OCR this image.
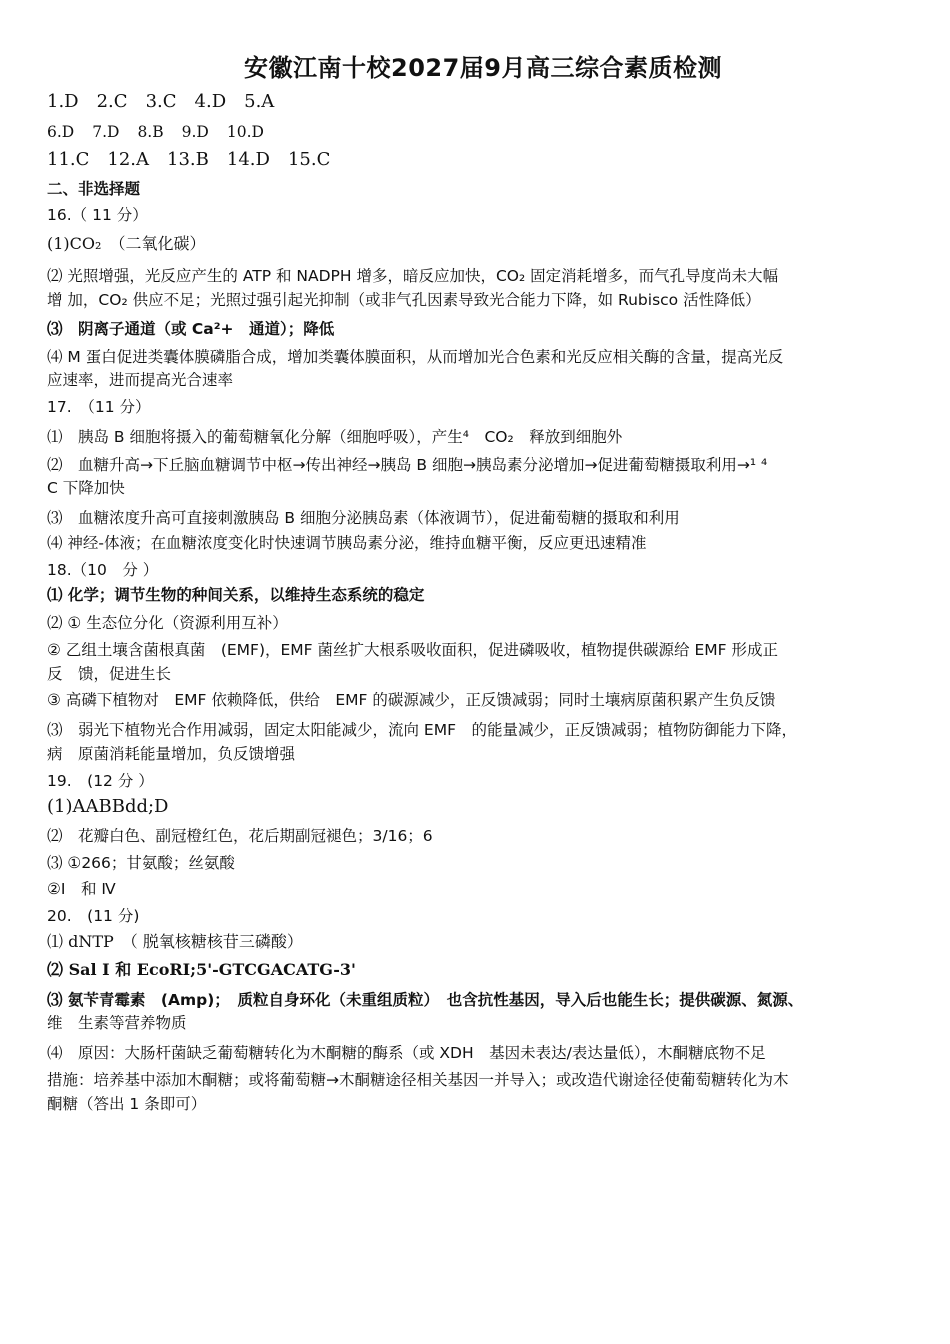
安徽江南十校2027届9月高三综合素质检测
1.D 2.C 3.C 4.D 5.A
6.D 7.D 8.B 9.D 10.D
11.C 12.A 13.B 14.D 15.C
二、非选择题
16.（ 11 分）
(1)CO₂　（二氧化碳）
⑵ 光照增强，光反应产生的 ATP 和 NADPH 增多，暗反应加快，CO₂ 固定消耗增多，而气孔导度尚未大幅
增 加，CO₂ 供应不足；光照过强引起光抑制（或非气孔因素导致光合能力下降，如 Rubisco 活性降低）
⑶　阴离子通道（或 Ca²+　通道）；降低
⑷ M 蛋白促进类囊体膜磷脂合成，增加类囊体膜面积，从而增加光合色素和光反应相关酶的含量，提高光反
应速率，进而提高光合速率
17.　（11 分）
⑴　胰岛 B 细胞将摄入的葡萄糖氧化分解（细胞呼吸），产生⁴　CO₂　释放到细胞外
⑵　血糖升高→下丘脑血糖调节中枢→传出神经→胰岛 B 细胞→胰岛素分泌增加→促进葡萄糖摄取利用→¹ ⁴
C 下降加快
⑶　血糖浓度升高可直接刺激胰岛 B 细胞分泌胰岛素（体液调节），促进葡萄糖的摄取和利用
⑷ 神经-体液；在血糖浓度变化时快速调节胰岛素分泌，维持血糖平衡，反应更迅速精准
18.（10　分 ）
⑴ 化学；调节生物的种间关系，以维持生态系统的稳定
⑵ ① 生态位分化（资源利用互补）
② 乙组土壤含菌根真菌　(EMF)，EMF 菌丝扩大根系吸收面积，促进磷吸收，植物提供碳源给 EMF 形成正
反　馈，促进生长
③ 高磷下植物对　EMF 依赖降低，供给　EMF 的碳源减少，正反馈减弱；同时土壤病原菌积累产生负反馈
⑶　弱光下植物光合作用减弱，固定太阳能减少，流向 EMF　的能量减少，正反馈减弱；植物防御能力下降，
病　原菌消耗能量增加，负反馈增强
19.　(12 分 ）
(1)AABBdd;D
⑵　花瓣白色、副冠橙红色，花后期副冠褪色；3/16；6
⑶ ①266；甘氨酸；丝氨酸
②I　和 Ⅳ
20.　(11 分)
⑴ dNTP　（ 脱氧核糖核苷三磷酸）
⑵ Sal I 和 EcoRI;5'-GTCGACATG-3'
⑶ 氨苄青霉素　(Amp)；　质粒自身环化（未重组质粒）　也含抗性基因，导入后也能生长；提供碳源、氮源、
维　生素等营养物质
⑷　原因：大肠杆菌缺乏葡萄糖转化为木酮糖的酶系（或 XDH　基因未表达/表达量低），木酮糖底物不足
措施：培养基中添加木酮糖；或将葡萄糖→木酮糖途径相关基因一并导入；或改造代谢途径使葡萄糖转化为木
酮糖（答出 1 条即可）
